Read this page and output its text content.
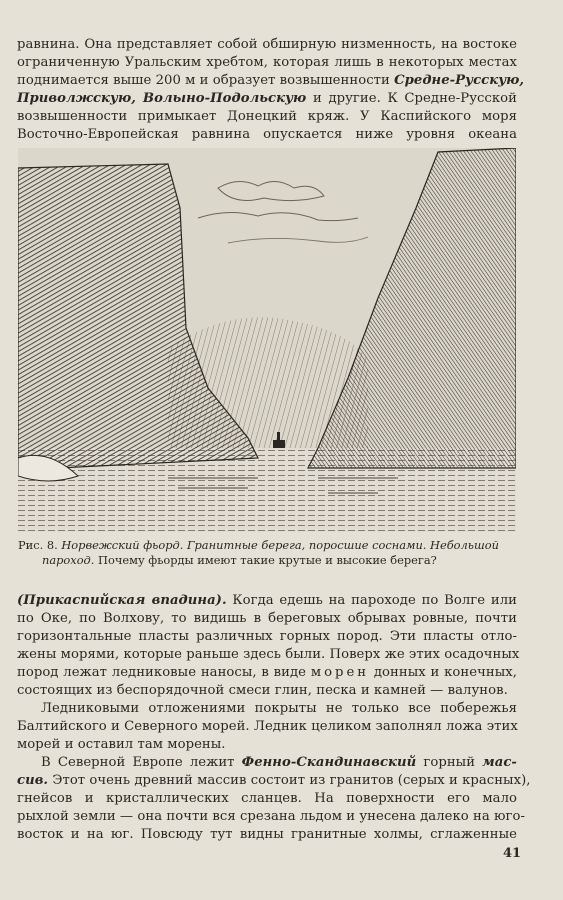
равнина. Она представляет собой обширную низменность, на востоке
ограниченную Уральским хребтом, которая лишь в некоторых местах
поднимается выше 200 м и образует возвышенности Средне-Русскую,
Приволжскую, Волыно-Подольскую и другие. К Средне-Русской
возвышенности примыкает Донецкий кряж. У Каспийского моря
Восточно-Европейская равнина опускается ниже уровня океана

Рис. 8. Норвежский фьорд. Гранитные берега, поросшие соснами. Небольшой
пароход. Почему фьорды имеют такие крутые и высокие берега?

(Прикаспийская впадина). Когда едешь на пароходе по Волге или
по Оке, по Волхову, то видишь в береговых обрывах ровные, почти
горизонтальные пласты различных горных пород. Эти пласты отло-
жены морями, которые раньше здесь были. Поверх же этих осадочных
пород лежат ледниковые наносы, в виде морен донных и конечных,
состоящих из беспорядочной смеси глин, песка и камней — валунов.

Ледниковыми отложениями покрыты не только все побережья
Балтийского и Северного морей. Ледник целиком заполнял ложа этих
морей и оставил там морены.

В Северной Европе лежит Фенно-Скандинавский горный мас-
сив. Этот очень древний массив состоит из гранитов (серых и красных),
гнейсов и кристаллических сланцев. На поверхности его мало
рыхлой земли — она почти вся срезана льдом и унесена далеко на юго-
восток и на юг. Повсюду тут видны гранитные холмы, сглаженные

41
